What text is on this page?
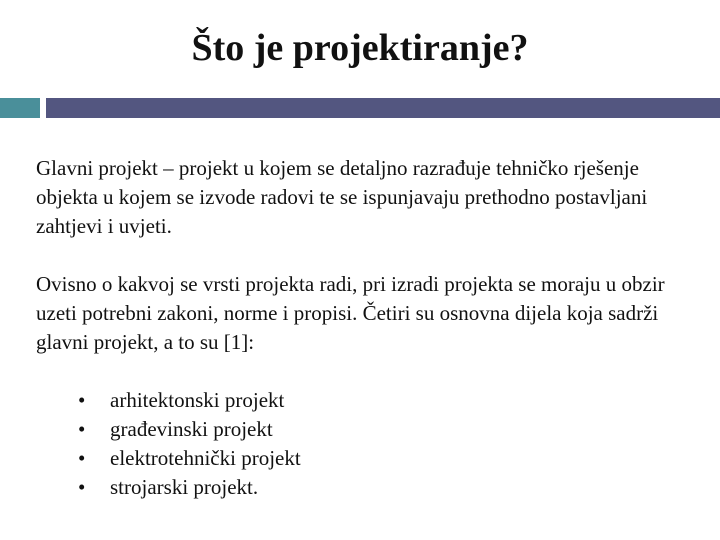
Što je projektiranje?

Glavni projekt – projekt u kojem se detaljno razrađuje tehničko rješenje objekta u kojem se izvode radovi te se ispunjavaju prethodno postavljani zahtjevi i uvjeti.

Ovisno o kakvoj se vrsti projekta radi, pri izradi projekta se moraju u obzir uzeti potrebni zakoni, norme i propisi. Četiri su osnovna dijela koja sadrži glavni projekt, a to su [1]:

•	arhitektonski projekt
•	građevinski projekt
•	elektrotehnički projekt
•	strojarski projekt.
